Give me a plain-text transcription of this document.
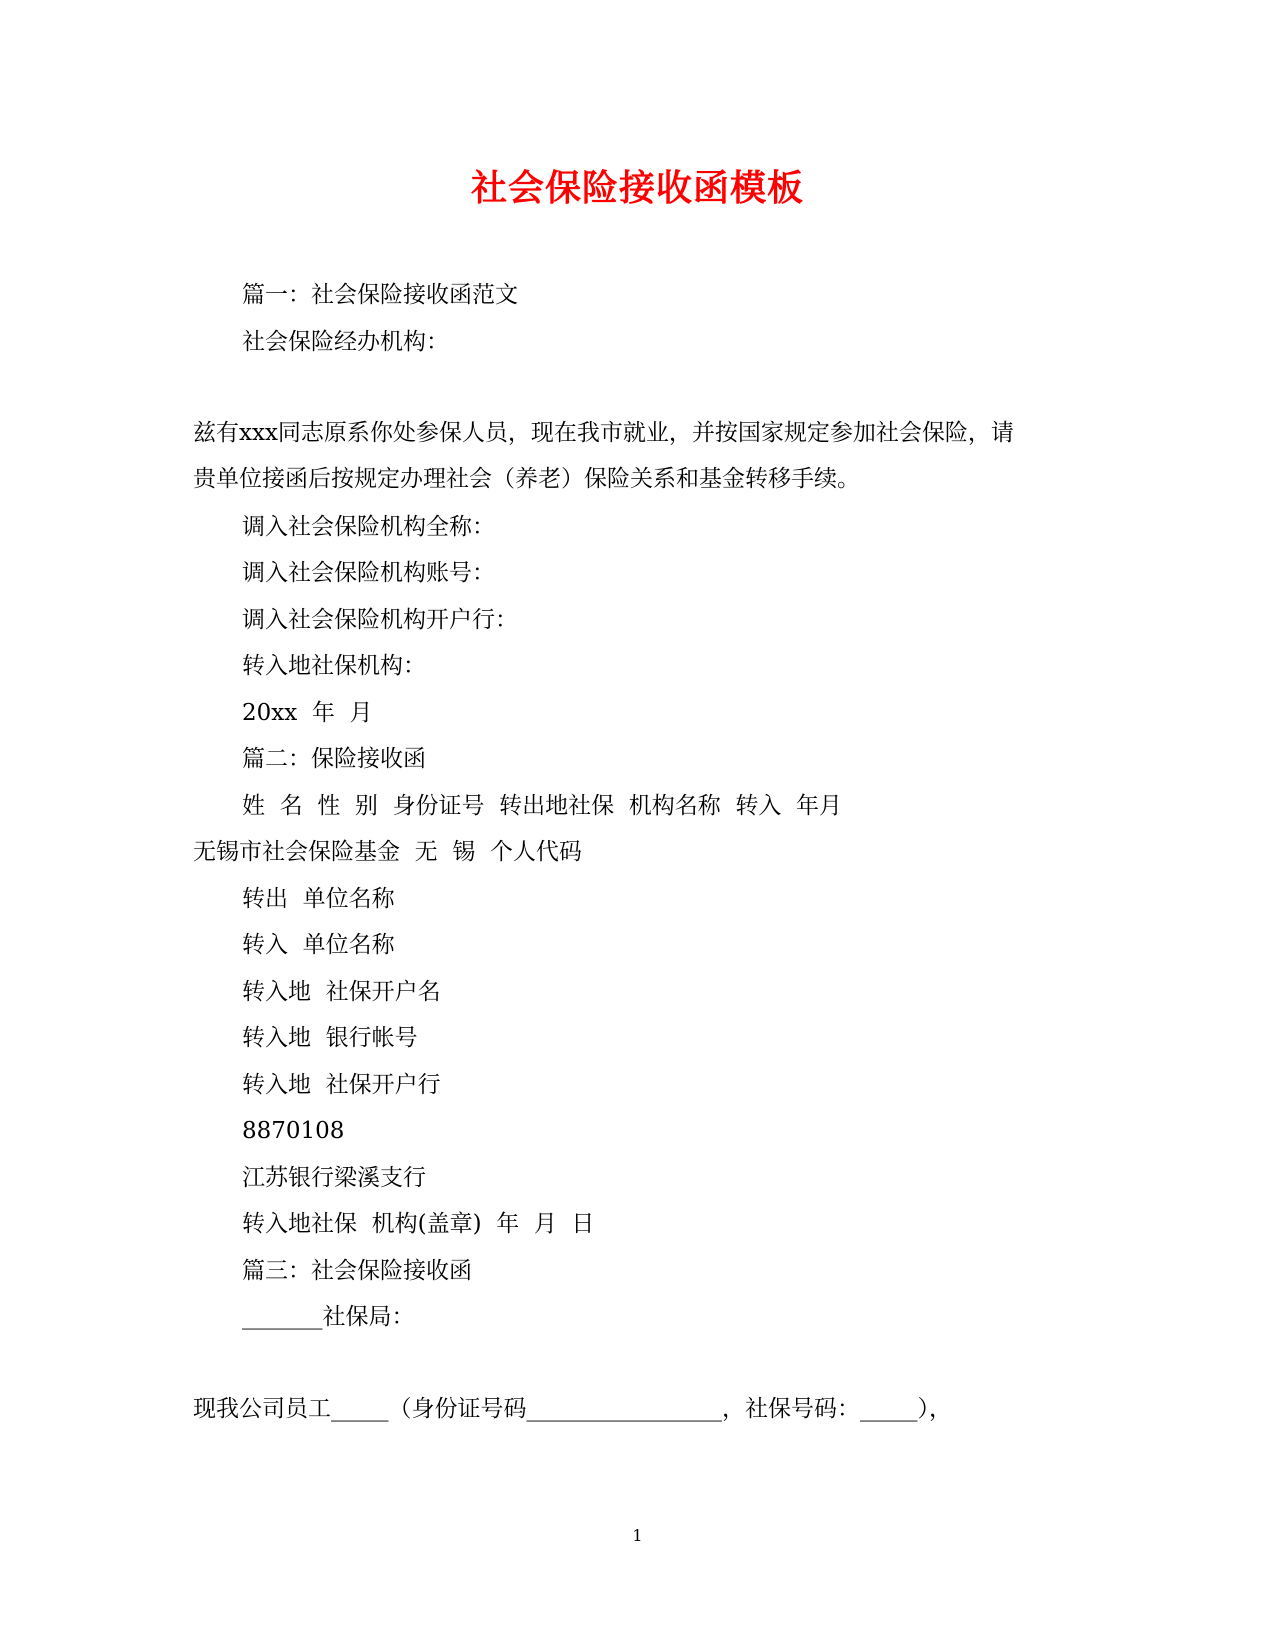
社会保险接收函模板
篇一：社会保险接收函范文
社会保险经办机构：
兹有xxx同志原系你处参保人员，现在我市就业，并按国家规定参加社会保险，请
贵单位接函后按规定办理社会（养老）保险关系和基金转移手续。
调入社会保险机构全称：
调入社会保险机构账号：
调入社会保险机构开户行：
转入地社保机构：
20xx  年  月
篇二：保险接收函
姓  名  性  别  身份证号  转出地社保  机构名称  转入  年月
无锡市社会保险基金  无  锡  个人代码
转出  单位名称
转入  单位名称
转入地  社保开户名
转入地  银行帐号
转入地  社保开户行
8870108
江苏银行梁溪支行
转入地社保  机构(盖章)  年  月  日
篇三：社会保险接收函
_______社保局：
现我公司员工_____（身份证号码_________________，社保号码：_____），
1
